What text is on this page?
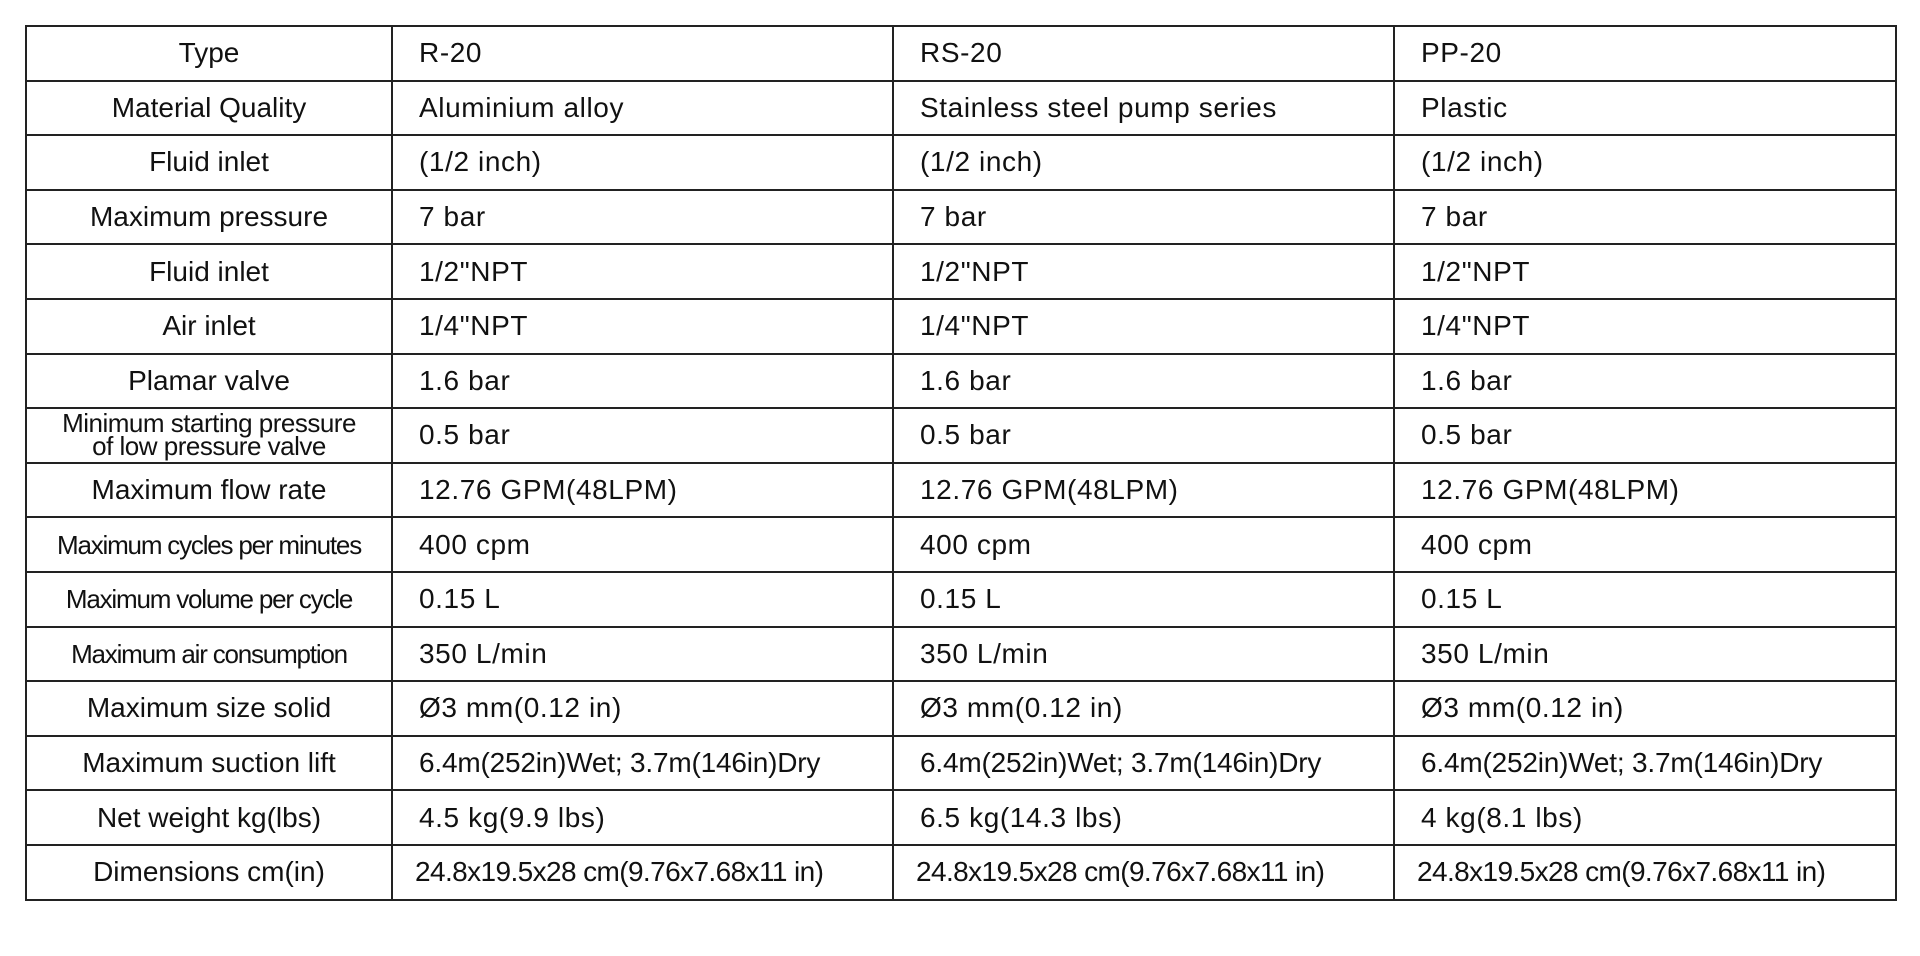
Type	R-20	RS-20	PP-20
Material Quality	Aluminium alloy	Stainless steel pump series	Plastic
Fluid inlet	(1/2 inch)	(1/2 inch)	(1/2 inch)
Maximum pressure	7 bar	7 bar	7 bar
Fluid inlet	1/2"NPT	1/2"NPT	1/2"NPT
Air inlet	1/4"NPT	1/4"NPT	1/4"NPT
Plamar valve	1.6 bar	1.6 bar	1.6 bar

Minimum starting pressure
of low pressure valve	0.5 bar	0.5 bar	0.5 bar
Maximum flow rate	12.76 GPM(48LPM)	12.76 GPM(48LPM)	12.76 GPM(48LPM)
Maximum cycles per minutes	400 cpm	400 cpm	400 cpm
Maximum volume per cycle	0.15 L	0.15 L	0.15 L
Maximum air consumption	350 L/min	350 L/min	350 L/min
Maximum size solid	Ø3 mm(0.12 in)	Ø3 mm(0.12 in)	Ø3 mm(0.12 in)
Maximum suction lift	6.4m(252in)Wet; 3.7m(146in)Dry	6.4m(252in)Wet; 3.7m(146in)Dry	6.4m(252in)Wet; 3.7m(146in)Dry
Net weight kg(lbs)	4.5 kg(9.9 lbs)	6.5 kg(14.3 lbs)	4 kg(8.1 lbs)
Dimensions cm(in)	24.8x19.5x28 cm(9.76x7.68x11 in)	24.8x19.5x28 cm(9.76x7.68x11 in)	24.8x19.5x28 cm(9.76x7.68x11 in)
